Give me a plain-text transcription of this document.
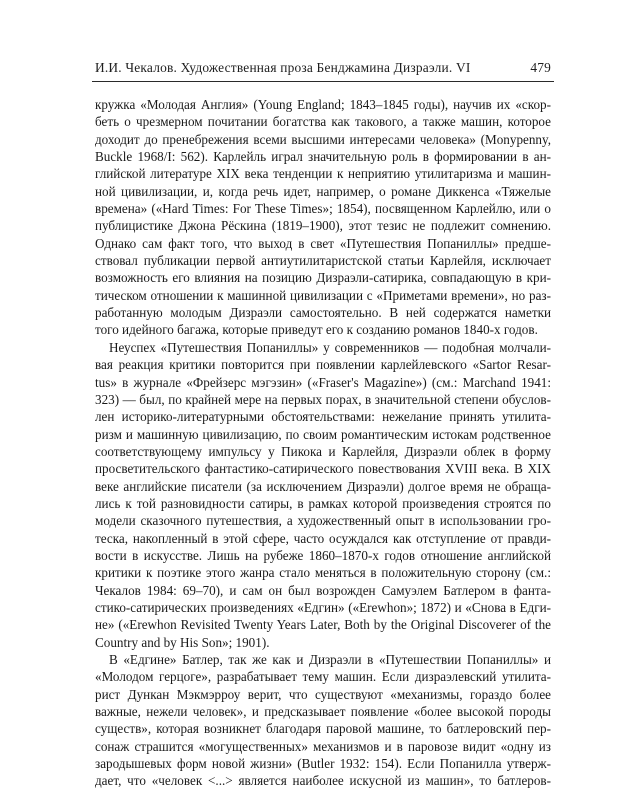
И.И. Чекалов. Художественная проза Бенджамина Дизраэли. VI	479

кружка «Молодая Англия» (Young England; 1843–1845 годы), научив их «скор-
беть о чрезмерном почитании богатства как такового, а также машин, которое
доходит до пренебрежения всеми высшими интересами человека» (Monypenny,
Buckle 1968/I: 562). Карлейль играл значительную роль в формировании в ан-
глийской литературе XIX века тенденции к неприятию утилитаризма и машин-
ной цивилизации, и, когда речь идет, например, о романе Диккенса «Тяжелые
времена» («Hard Times: For These Times»; 1854), посвященном Карлейлю, или о
публицистике Джона Рёскина (1819–1900), этот тезис не подлежит сомнению.
Однако сам факт того, что выход в свет «Путешествия Попаниллы» предше-
ствовал публикации первой антиутилитаристской статьи Карлейля, исключает
возможность его влияния на позицию Дизраэли-сатирика, совпадающую в кри-
тическом отношении к машинной цивилизации с «Приметами времени», но раз-
работанную молодым Дизраэли самостоятельно. В ней содержатся наметки
того идейного багажа, которые приведут его к созданию романов 1840-х годов.

Неуспех «Путешествия Попаниллы» у современников — подобная молчали-
вая реакция критики повторится при появлении карлейлевского «Sartor Resar-
tus» в журнале «Фрейзерс мэгэзин» («Fraser's Magazine») (см.: Marchand 1941:
323) — был, по крайней мере на первых порах, в значительной степени обуслов-
лен историко-литературными обстоятельствами: нежелание принять утилита-
ризм и машинную цивилизацию, по своим романтическим истокам родственное
соответствующему импульсу у Пикока и Карлейля, Дизраэли облек в форму
просветительского фантастико-сатирического повествования XVIII века. В XIX
веке английские писатели (за исключением Дизраэли) долгое время не обраща-
лись к той разновидности сатиры, в рамках которой произведения строятся по
модели сказочного путешествия, а художественный опыт в использовании гро-
теска, накопленный в этой сфере, часто осуждался как отступление от правди-
вости в искусстве. Лишь на рубеже 1860–1870-х годов отношение английской
критики к поэтике этого жанра стало меняться в положительную сторону (см.:
Чекалов 1984: 69–70), и сам он был возрожден Самуэлем Батлером в фанта-
стико-сатирических произведениях «Едгин» («Erewhon»; 1872) и «Снова в Едги-
не» («Erewhon Revisited Twenty Years Later, Both by the Original Discoverer of the
Country and by His Son»; 1901).

В «Едгине» Батлер, так же как и Дизраэли в «Путешествии Попаниллы» и
«Молодом герцоге», разрабатывает тему машин. Если дизраэлевский утилита-
рист Дункан Мэкмэрроу верит, что существуют «механизмы, гораздо более
важные, нежели человек», и предсказывает появление «более высокой породы
существ», которая возникнет благодаря паровой машине, то батлеровский пер-
сонаж страшится «могущественных» механизмов и в паровозе видит «одну из
зародышевых форм новой жизни» (Butler 1932: 154). Если Попанилла утверж-
дает, что «человек <...> является наиболее искусной из машин», то батлеров-
